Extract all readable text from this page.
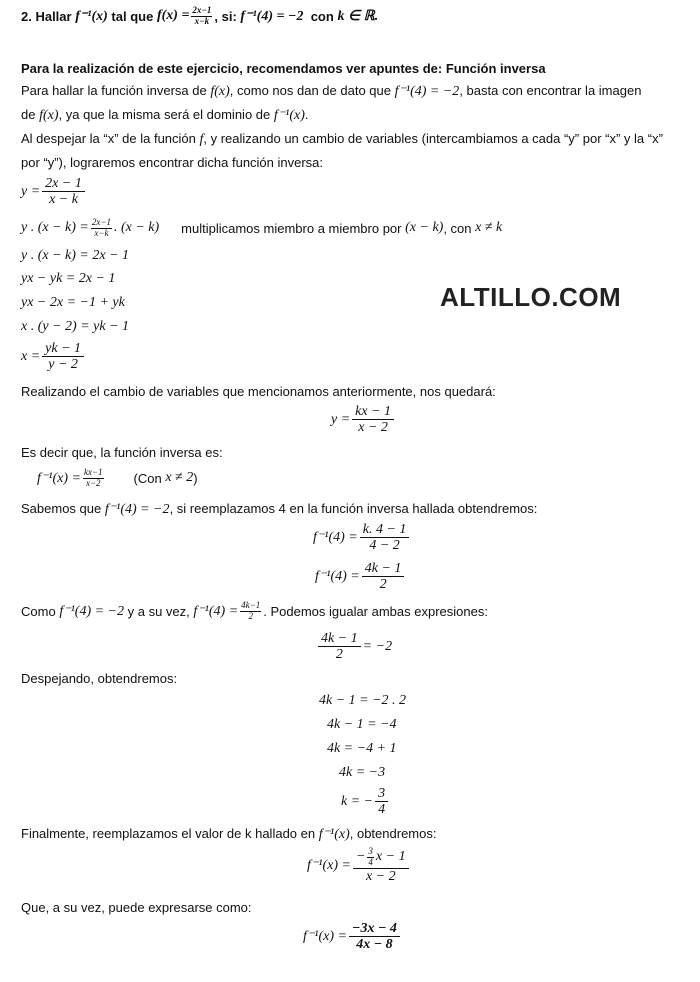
2. Hallar
f⁻¹(x)
tal que
$f(x) = \frac{2x-1}{x-k}$ , si:
f⁻¹(4) = −2
con
k ∈ ℝ.
Para la realización de este ejercicio, recomendamos ver apuntes de: Función inversa
Para hallar la función inversa de f(x), como nos dan de dato que f⁻¹(4) = −2, basta con encontrar la imagen
de f(x), ya que la misma será el dominio de f⁻¹(x).
Al despejar la “x” de la función f, y realizando un cambio de variables (intercambiamos a cada “y” por “x” y la “x”
por “y”), lograremos encontrar dicha función inversa:
$y = \frac{2x - 1}{x - k}$
y . $(x - k) = \frac{2x-1}{x-k}$ . (x − k) multiplicamos miembro a miembro por
(x − k) , con
x ≠ k
y . (x − k) = 2x − 1
yx − yk = 2x − 1
yx − 2x = −1 + yk
x . (y − 2) = yk − 1
$x = \frac{yk - 1}{y - 2}$
ALTILLO.COM
Realizando el cambio de variables que mencionamos anteriormente, nos quedará:
$y = \frac{kx - 1}{x - 2}$
Es decir que, la función inversa es:
$f^{-1}(x) = \frac{kx-1}{x-2} (Con$
x ≠ 2 )
Sabemos que f⁻¹(4) = −2, si reemplazamos 4 en la función inversa hallada obtendremos:
$f^{-1}(4) = \frac{k. 4 - 1}{4 - 2}$
$f^{-1}(4) = \frac{4k - 1}{2}$
Como
f⁻¹(4) = −2
y a su vez,
$f^{-1}(4) = \frac{4k-1}{2}$ . Podemos igualar ambas expresiones:
$\frac{4k - 1}{2} = -2$
Despejando, obtendremos:
4k − 1 = −2 . 2
4k − 1 = −4
4k = −4 + 1
4k = −3
k = − $\frac{3}{4}$
Finalmente, reemplazamos el valor de k hallado en f⁻¹(x), obtendremos:
$f^{-1}(x) = \frac{- \frac{3}{4} x - 1}{x - 2}$
Que, a su vez, puede expresarse como:
$f^{-1}(x) = \frac{-3x - 4}{4x - 8}$
